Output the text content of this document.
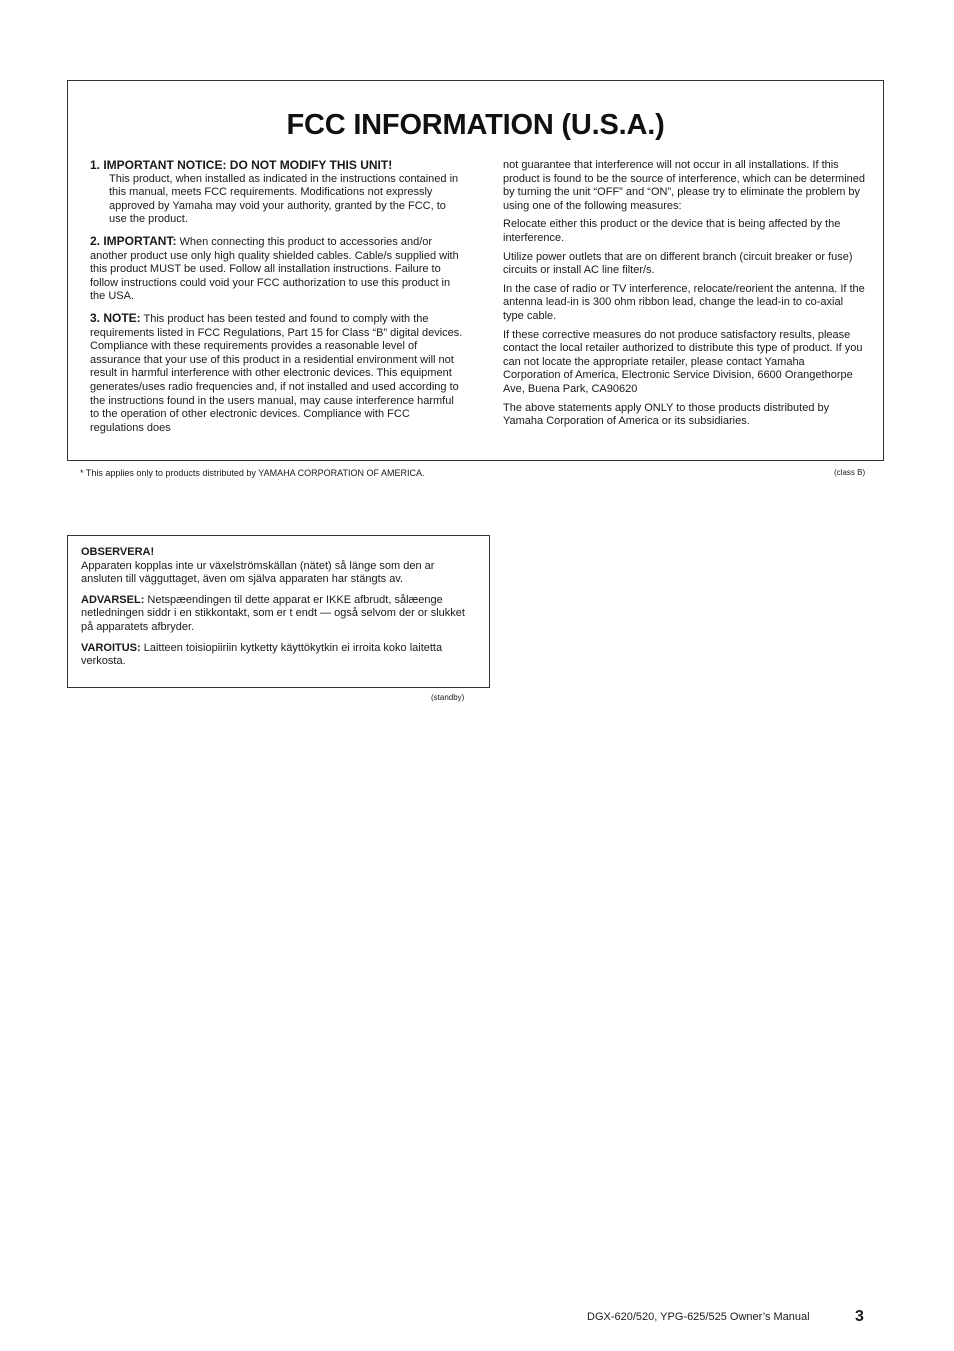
FCC INFORMATION (U.S.A.)
1. IMPORTANT NOTICE: DO NOT MODIFY THIS UNIT!
This product, when installed as indicated in the instructions contained in this manual, meets FCC requirements. Modifications not expressly approved by Yamaha may void your authority, granted by the FCC, to use the product.
2. IMPORTANT: When connecting this product to accessories and/or another product use only high quality shielded cables. Cable/s supplied with this product MUST be used. Follow all installation instructions. Failure to follow instructions could void your FCC authorization to use this product in the USA.
3. NOTE: This product has been tested and found to comply with the requirements listed in FCC Regulations, Part 15 for Class “B” digital devices. Compliance with these requirements provides a reasonable level of assurance that your use of this product in a residential environment will not result in harmful interference with other electronic devices. This equipment generates/uses radio frequencies and, if not installed and used according to the instructions found in the users manual, may cause interference harmful to the operation of other electronic devices. Compliance with FCC regulations does

not guarantee that interference will not occur in all installations. If this product is found to be the source of interference, which can be determined by turning the unit “OFF” and “ON”, please try to eliminate the problem by using one of the following measures:

Relocate either this product or the device that is being affected by the interference.

Utilize power outlets that are on different branch (circuit breaker or fuse) circuits or install AC line filter/s.

In the case of radio or TV interference, relocate/reorient the antenna. If the antenna lead-in is 300 ohm ribbon lead, change the lead-in to co-axial type cable.

If these corrective measures do not produce satisfactory results, please contact the local retailer authorized to distribute this type of product. If you can not locate the appropriate retailer, please contact Yamaha Corporation of America, Electronic Service Division, 6600 Orangethorpe Ave, Buena Park, CA90620

The above statements apply ONLY to those products distributed by Yamaha Corporation of America or its subsidiaries.

* This applies only to products distributed by YAMAHA CORPORATION OF AMERICA.	(class B)

OBSERVERA!
Apparaten kopplas inte ur växelströmskällan (nätet) så länge som den ar ansluten till vägguttaget, även om själva apparaten har stängts av.

ADVARSEL: Netspæendingen til dette apparat er IKKE afbrudt, sålæenge netledningen siddr i en stikkontakt, som er t endt — også selvom der or slukket på apparatets afbryder.

VAROITUS: Laitteen toisiopiiriin kytketty käyttökytkin ei irroita koko laitetta verkosta.

(standby)
DGX-620/520, YPG-625/525 Owner’s Manual	3
